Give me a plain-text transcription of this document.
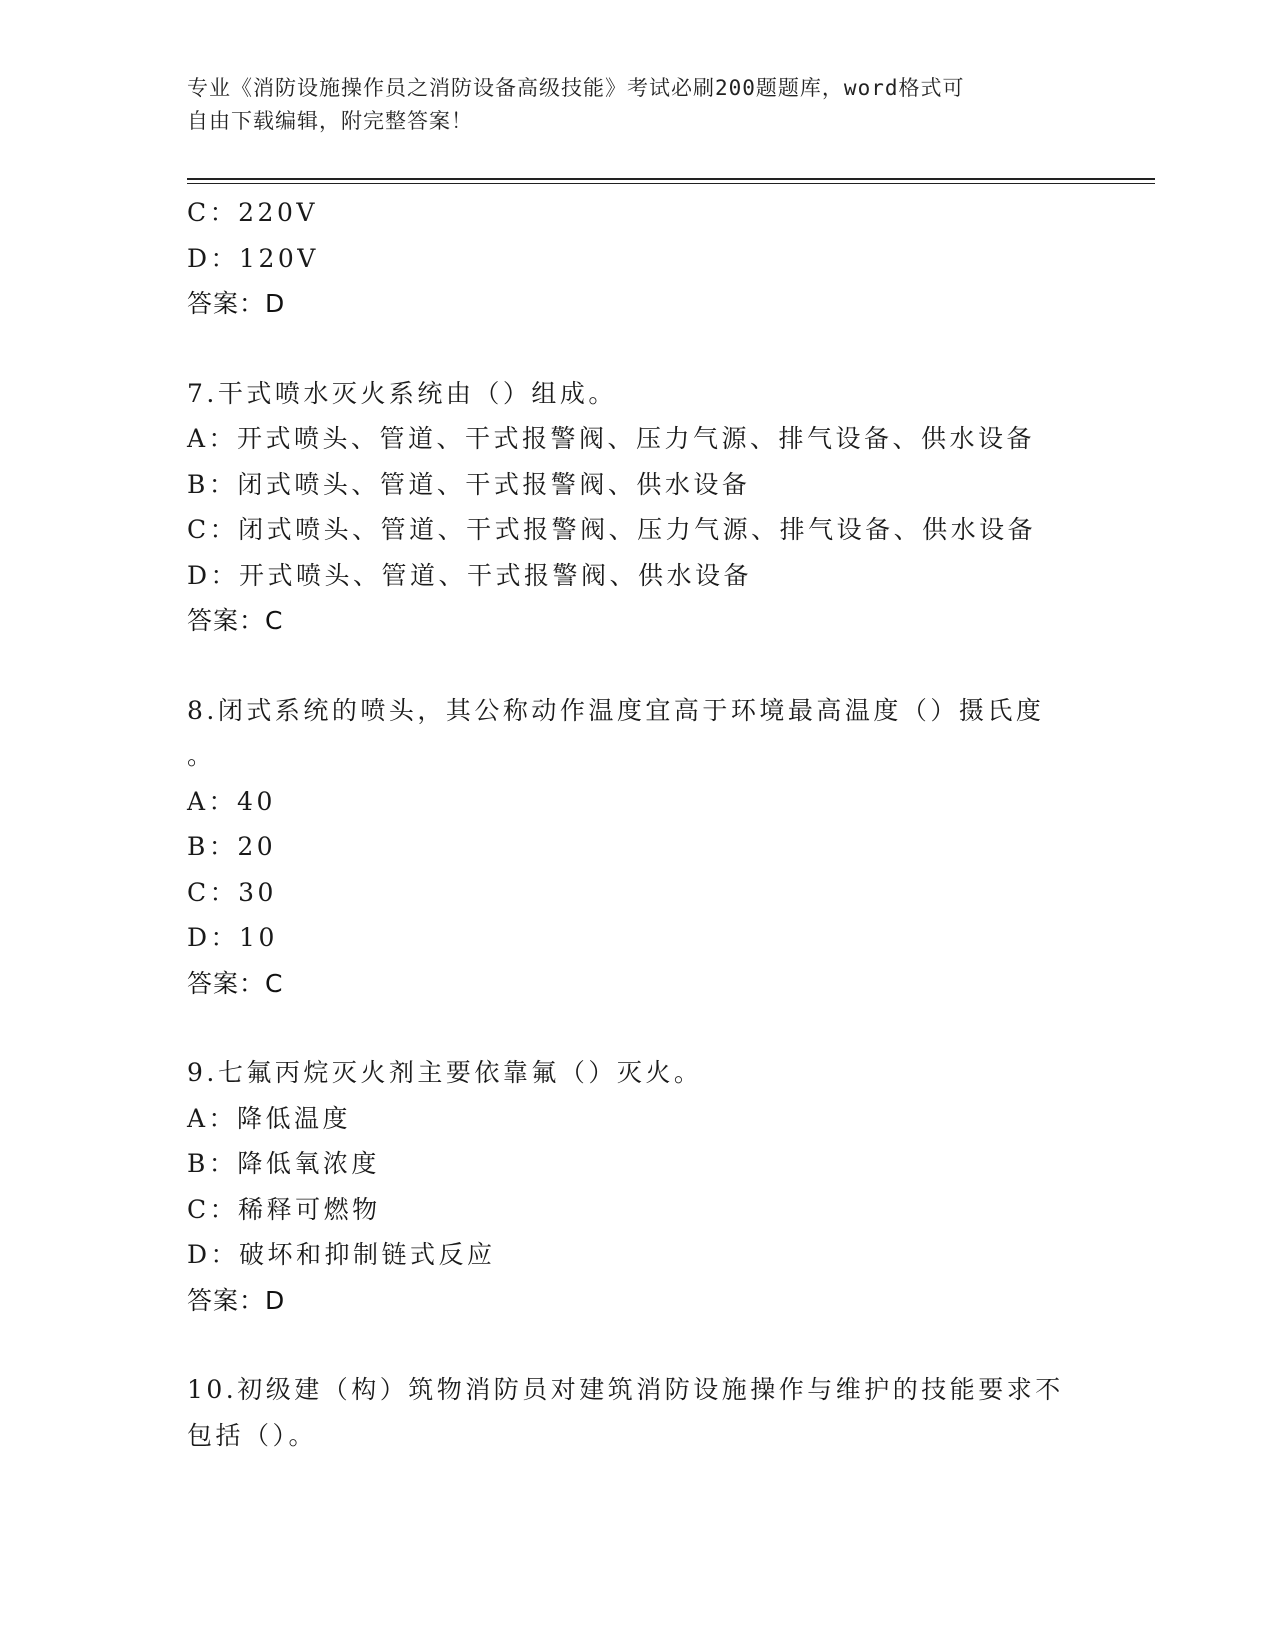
专业《消防设施操作员之消防设备高级技能》考试必刷200题题库，word格式可
自由下载编辑，附完整答案！
C：220V
D：120V
答案：D
7.干式喷水灭火系统由（）组成。
A：开式喷头、管道、干式报警阀、压力气源、排气设备、供水设备
B：闭式喷头、管道、干式报警阀、供水设备
C：闭式喷头、管道、干式报警阀、压力气源、排气设备、供水设备
D：开式喷头、管道、干式报警阀、供水设备
答案：C
8.闭式系统的喷头，其公称动作温度宜高于环境最高温度（）摄氏度
。
A：40
B：20
C：30
D：10
答案：C
9.七氟丙烷灭火剂主要依靠氟（）灭火。
A：降低温度
B：降低氧浓度
C：稀释可燃物
D：破坏和抑制链式反应
答案：D
10.初级建（构）筑物消防员对建筑消防设施操作与维护的技能要求不
包括（）。
